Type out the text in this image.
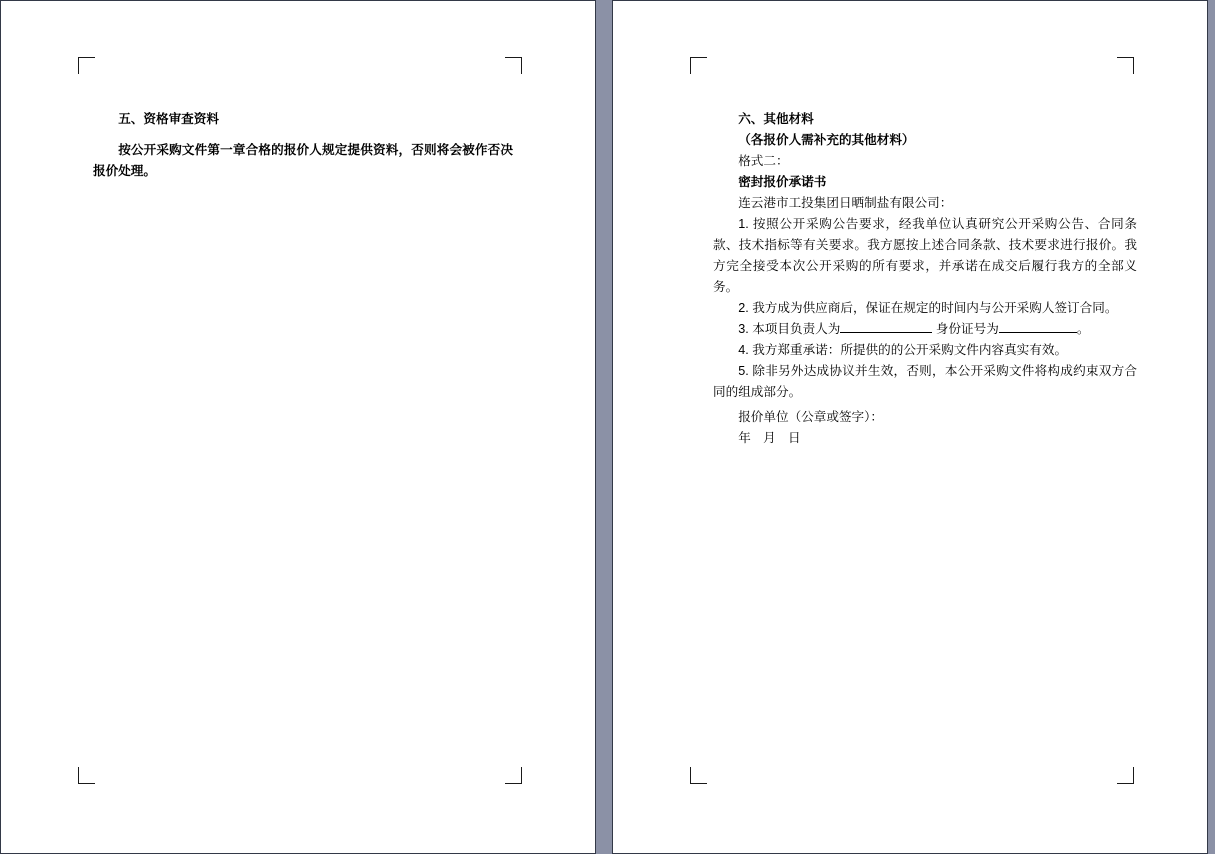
五、资格审查资料

按公开采购文件第一章合格的报价人规定提供资料，否则将会被作否决报价处理。

六、其他材料

（各报价人需补充的其他材料）

格式二：

密封报价承诺书

连云港市工投集团日晒制盐有限公司：

1. 按照公开采购公告要求，经我单位认真研究公开采购公告、合同条款、技术指标等有关要求。我方愿按上述合同条款、技术要求进行报价。我方完全接受本次公开采购的所有要求，并承诺在成交后履行我方的全部义务。

2. 我方成为供应商后，保证在规定的时间内与公开采购人签订合同。

3. 本项目负责人为	身份证号为	。

4. 我方郑重承诺：所提供的的公开采购文件内容真实有效。

5. 除非另外达成协议并生效，否则，本公开采购文件将构成约束双方合同的组成部分。

报价单位（公章或签字）：

年 月 日
